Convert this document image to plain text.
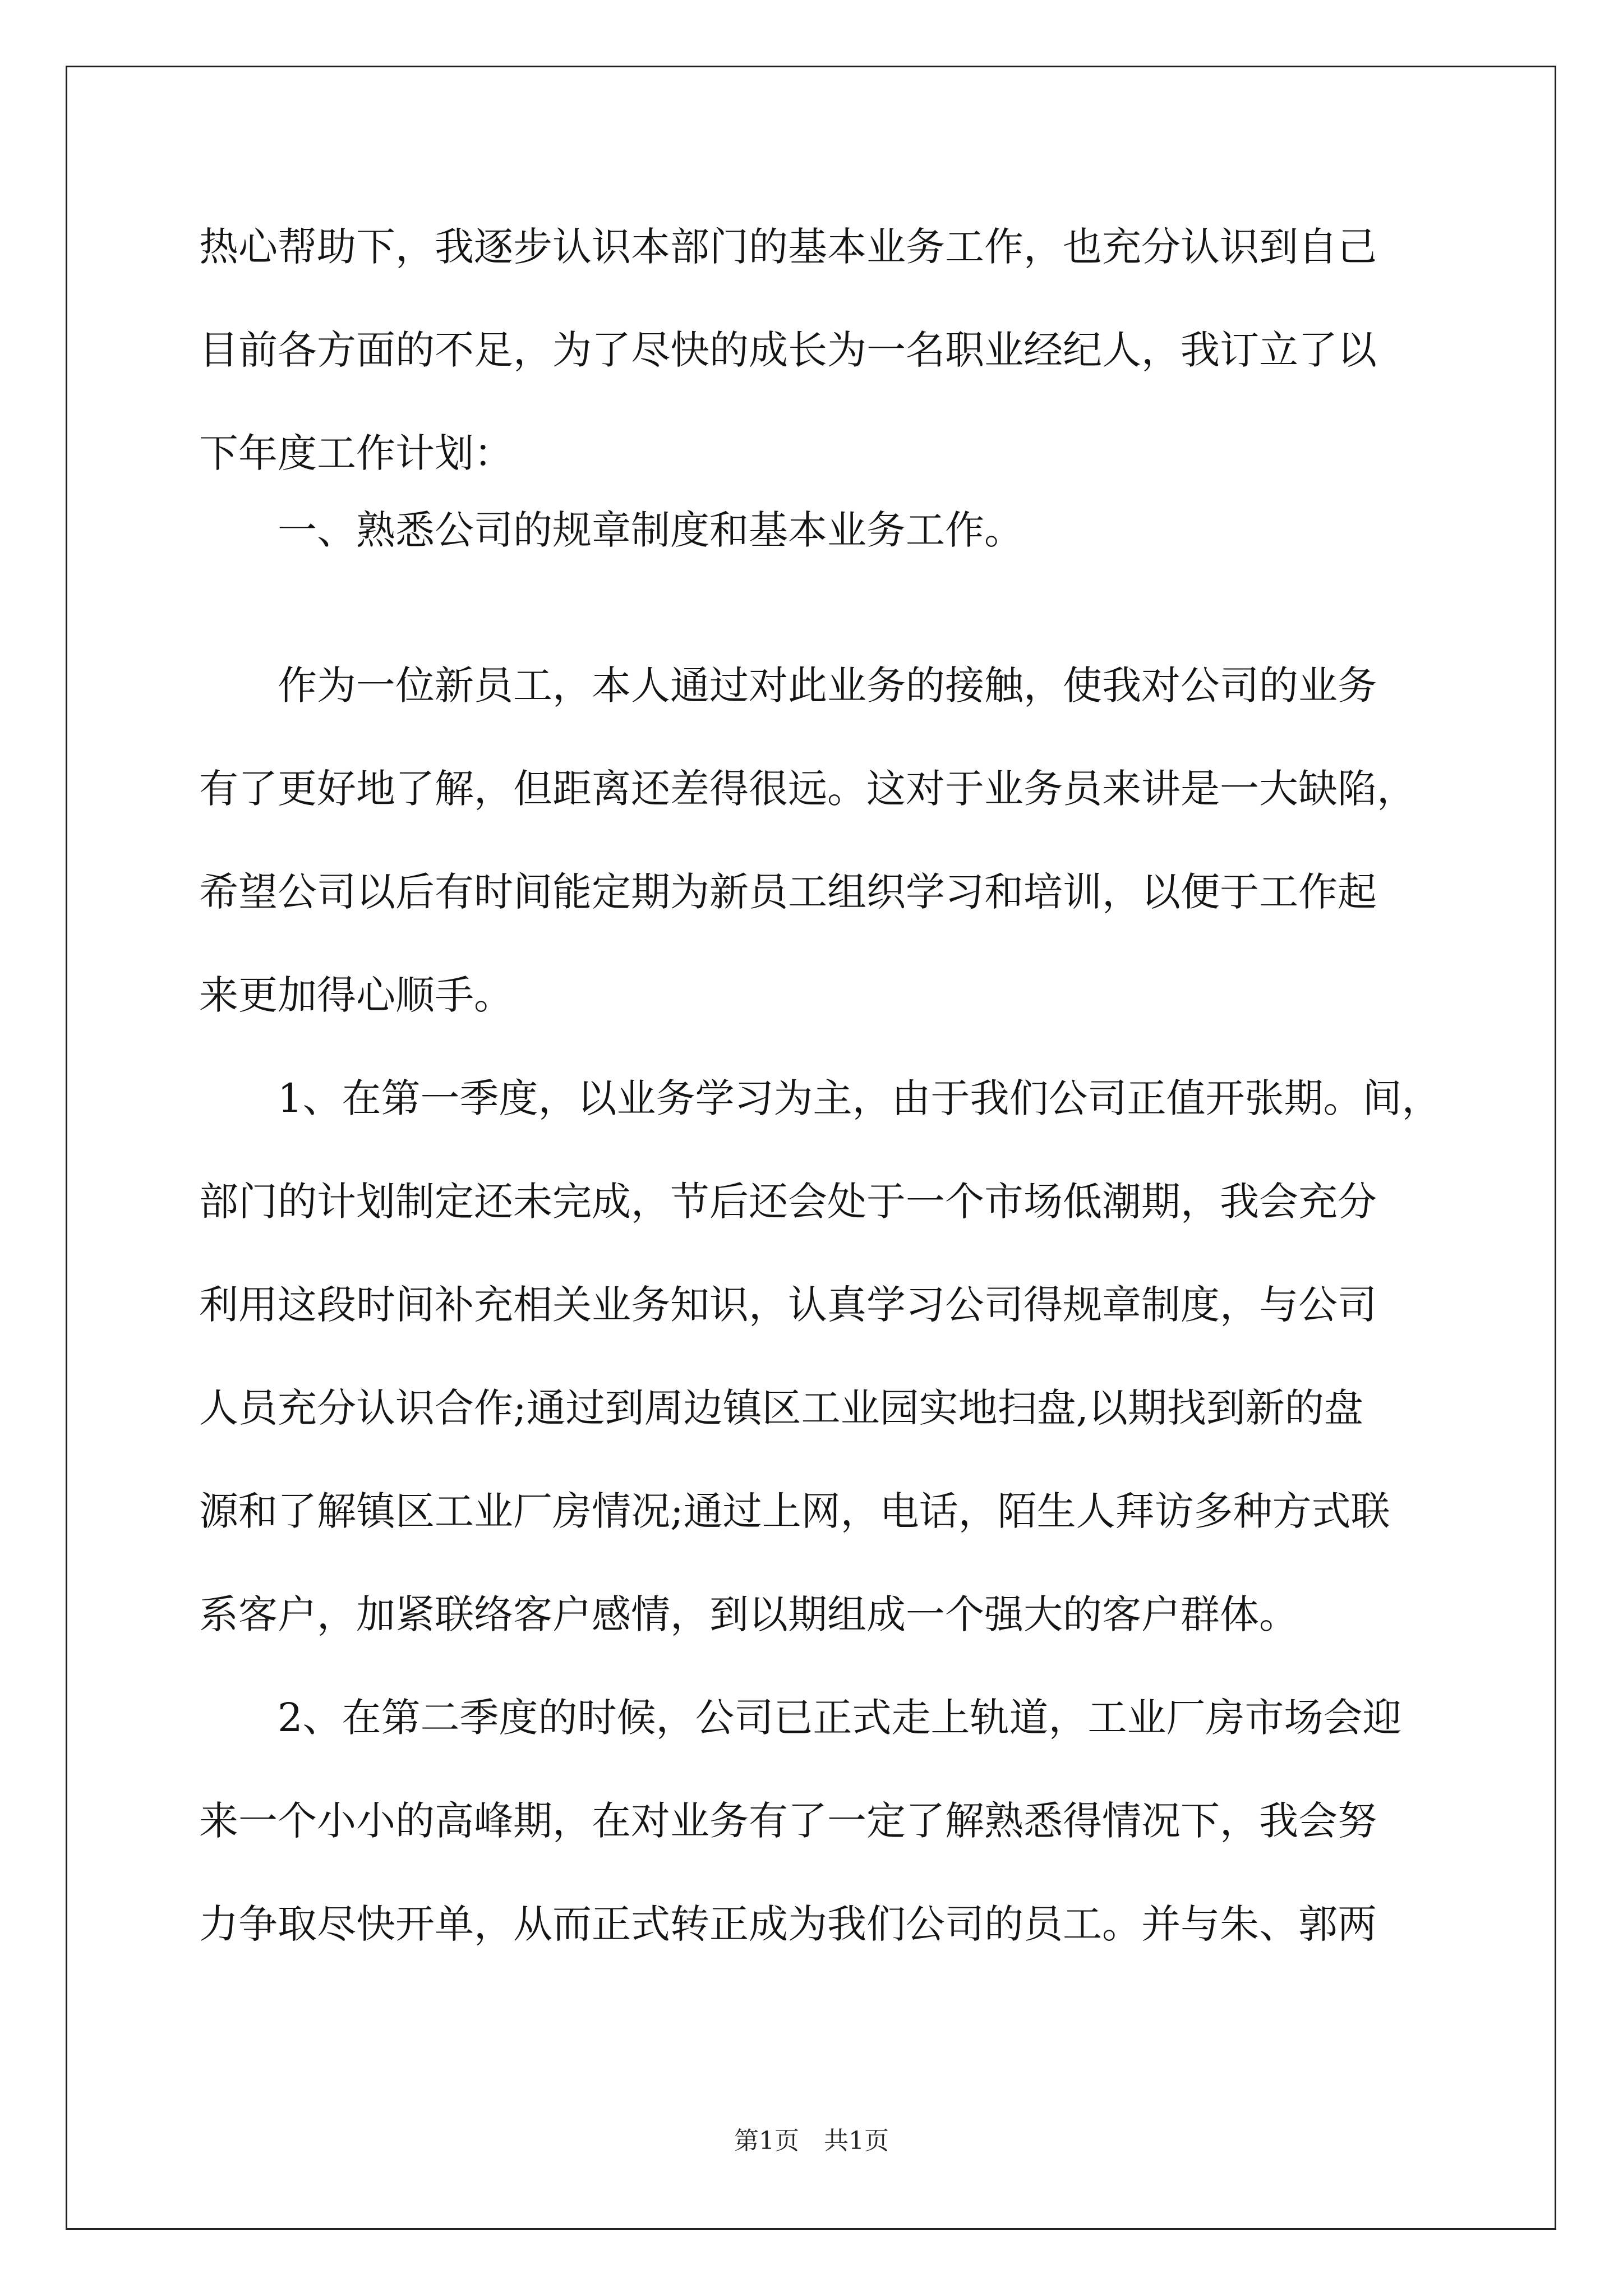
热心帮助下，我逐步认识本部门的基本业务工作，也充分认识到自己
目前各方面的不足，为了尽快的成长为一名职业经纪人，我订立了以
下年度工作计划：
　　一、熟悉公司的规章制度和基本业务工作。
　　作为一位新员工，本人通过对此业务的接触，使我对公司的业务
有了更好地了解，但距离还差得很远。这对于业务员来讲是一大缺陷，
希望公司以后有时间能定期为新员工组织学习和培训，以便于工作起
来更加得心顺手。
　　1、在第一季度，以业务学习为主，由于我们公司正值开张期。间，
部门的计划制定还未完成，节后还会处于一个市场低潮期，我会充分
利用这段时间补充相关业务知识，认真学习公司得规章制度，与公司
人员充分认识合作;通过到周边镇区工业园实地扫盘,以期找到新的盘
源和了解镇区工业厂房情况;通过上网，电话，陌生人拜访多种方式联
系客户，加紧联络客户感情，到以期组成一个强大的客户群体。
　　2、在第二季度的时候，公司已正式走上轨道，工业厂房市场会迎
来一个小小的高峰期，在对业务有了一定了解熟悉得情况下，我会努
力争取尽快开单，从而正式转正成为我们公司的员工。并与朱、郭两
第1页　共1页
